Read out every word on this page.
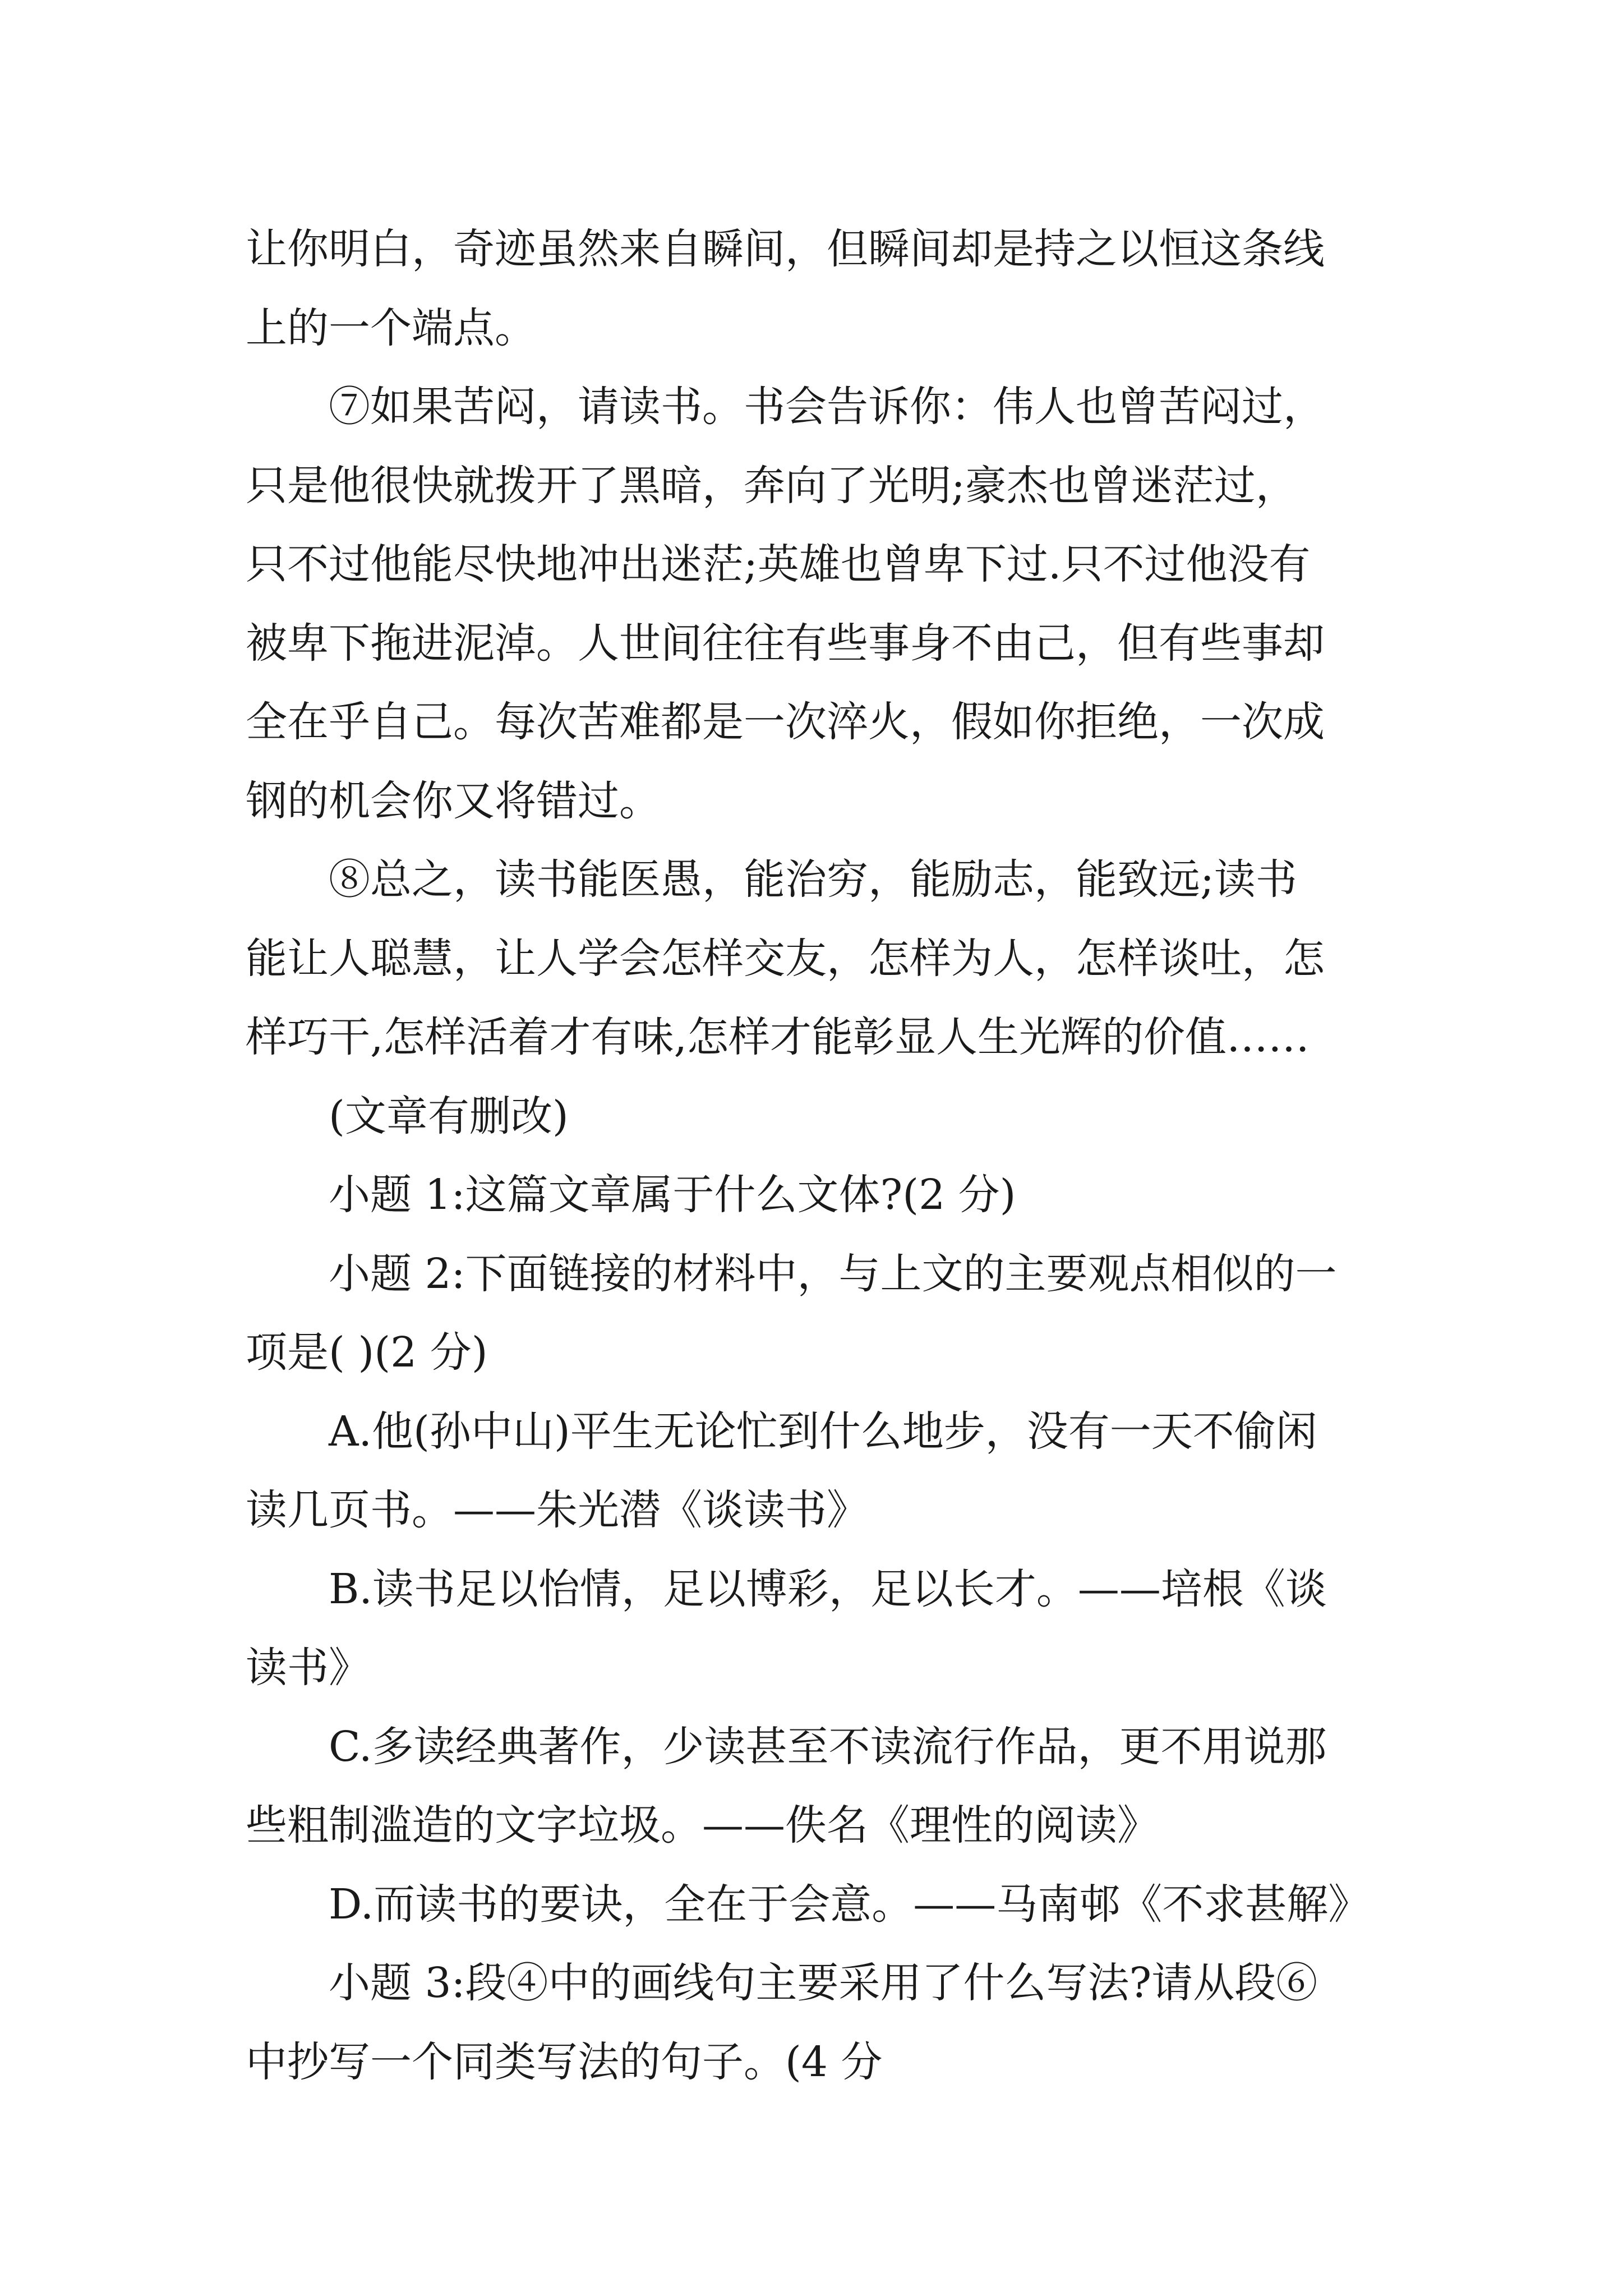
让你明白，奇迹虽然来自瞬间，但瞬间却是持之以恒这条线
上的一个端点。
⑦如果苦闷，请读书。书会告诉你：伟人也曾苦闷过，
只是他很快就拨开了黑暗，奔向了光明;豪杰也曾迷茫过，
只不过他能尽快地冲出迷茫;英雄也曾卑下过.只不过他没有
被卑下拖进泥淖。人世间往往有些事身不由己，但有些事却
全在乎自己。每次苦难都是一次淬火，假如你拒绝，一次成
钢的机会你又将错过。
⑧总之，读书能医愚，能治穷，能励志，能致远;读书
能让人聪慧，让人学会怎样交友，怎样为人，怎样谈吐，怎
样巧干,怎样活着才有味,怎样才能彰显人生光辉的价值……
(文章有删改)
小题 1:这篇文章属于什么文体?(2 分)
小题 2:下面链接的材料中，与上文的主要观点相似的一
项是( )(2 分)
A.他(孙中山)平生无论忙到什么地步，没有一天不偷闲
读几页书。——朱光潜《谈读书》
B.读书足以怡情，足以博彩，足以长才。——培根《谈
读书》
C.多读经典著作，少读甚至不读流行作品，更不用说那
些粗制滥造的文字垃圾。——佚名《理性的阅读》
D.而读书的要诀，全在于会意。——马南邨《不求甚解》
小题 3:段④中的画线句主要采用了什么写法?请从段⑥
中抄写一个同类写法的句子。(4 分
